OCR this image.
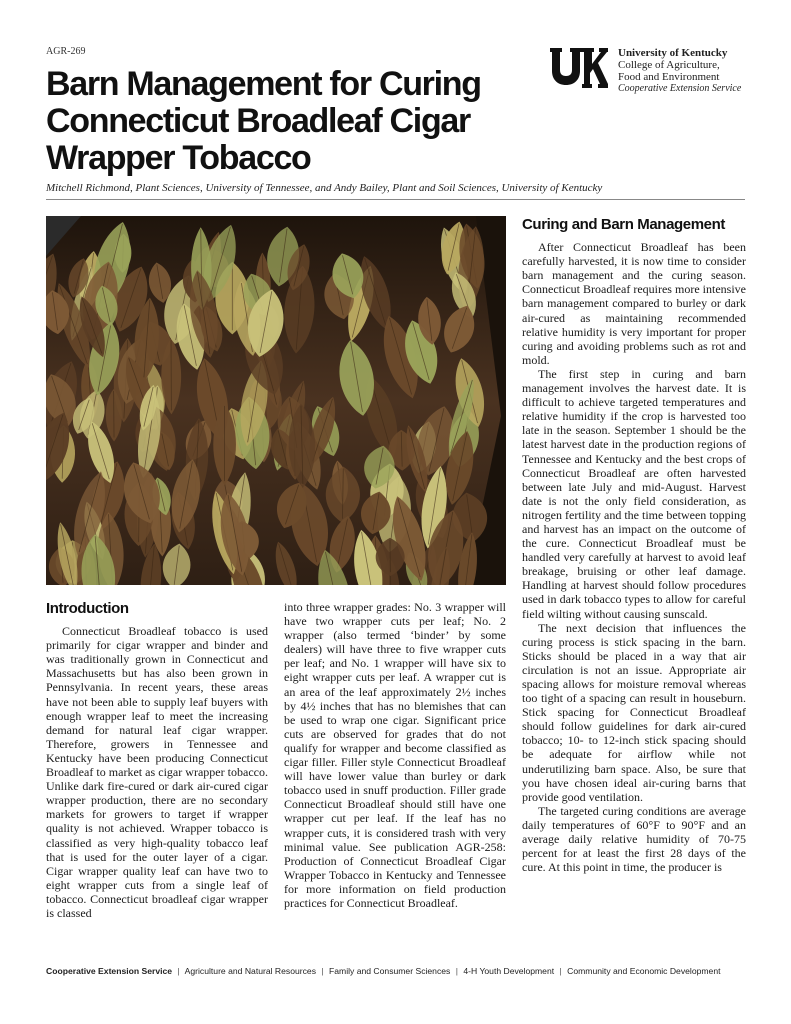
AGR-269
Barn Management for Curing Connecticut Broadleaf Cigar Wrapper Tobacco
University of Kentucky
College of Agriculture,
Food and Environment
Cooperative Extension Service
Mitchell Richmond, Plant Sciences, University of Tennessee, and Andy Bailey, Plant and Soil Sciences, University of Kentucky
Introduction

Connecticut Broadleaf tobacco is used primarily for cigar wrapper and binder and was traditionally grown in Connecticut and Massachusetts but has also been grown in Pennsylvania. In recent years, these areas have not been able to supply leaf buyers with enough wrapper leaf to meet the increasing demand for natural leaf cigar wrapper. Therefore, growers in Tennessee and Kentucky have been producing Connecticut Broadleaf to market as cigar wrapper tobacco. Unlike dark fire-cured or dark air-cured cigar wrapper production, there are no secondary markets for growers to target if wrapper quality is not achieved. Wrapper tobacco is classified as very high-quality tobacco leaf that is used for the outer layer of a cigar. Cigar wrapper quality leaf can have two to eight wrapper cuts from a single leaf of tobacco. Connecticut broadleaf cigar wrapper is classed

into three wrapper grades: No. 3 wrapper will have two wrapper cuts per leaf; No. 2 wrapper (also termed ‘binder’ by some dealers) will have three to five wrapper cuts per leaf; and No. 1 wrapper will have six to eight wrapper cuts per leaf. A wrapper cut is an area of the leaf approximately 2½ inches by 4½ inches that has no blemishes that can be used to wrap one cigar. Significant price cuts are observed for grades that do not qualify for wrapper and become classified as cigar filler. Filler style Connecticut Broadleaf will have lower value than burley or dark tobacco used in snuff production. Filler grade Connecticut Broadleaf should still have one wrapper cut per leaf. If the leaf has no wrapper cuts, it is considered trash with very minimal value. See publication AGR-258: Production of Connecticut Broadleaf Cigar Wrapper Tobacco in Kentucky and Tennessee for more information on field production practices for Connecticut Broadleaf.

Curing and Barn Management

After Connecticut Broadleaf has been carefully harvested, it is now time to consider barn management and the curing season. Connecticut Broadleaf requires more intensive barn management compared to burley or dark air-cured as maintaining recommended relative humidity is very important for proper curing and avoiding problems such as rot and mold.

The first step in curing and barn management involves the harvest date. It is difficult to achieve targeted temperatures and relative humidity if the crop is harvested too late in the season. September 1 should be the latest harvest date in the production regions of Tennessee and Kentucky and the best crops of Connecticut Broadleaf are often harvested between late July and mid-August. Harvest date is not the only field consideration, as nitrogen fertility and the time between topping and harvest has an impact on the outcome of the cure. Connecticut Broadleaf must be handled very carefully at harvest to avoid leaf breakage, bruising or other leaf damage. Handling at harvest should follow procedures used in dark tobacco types to allow for careful field wilting without causing sunscald.

The next decision that influences the curing process is stick spacing in the barn. Sticks should be placed in a way that air circulation is not an issue. Appropriate air spacing allows for moisture removal whereas too tight of a spacing can result in houseburn. Stick spacing for Connecticut Broadleaf should follow guidelines for dark air-cured tobacco; 10- to 12-inch stick spacing should be adequate for airflow while not underutilizing barn space. Also, be sure that you have chosen ideal air-curing barns that provide good ventilation.

The targeted curing conditions are average daily temperatures of 60°F to 90°F and an average daily relative humidity of 70-75 percent for at least the first 28 days of the cure. At this point in time, the producer is

Cooperative Extension Service | Agriculture and Natural Resources | Family and Consumer Sciences | 4-H Youth Development | Community and Economic Development
